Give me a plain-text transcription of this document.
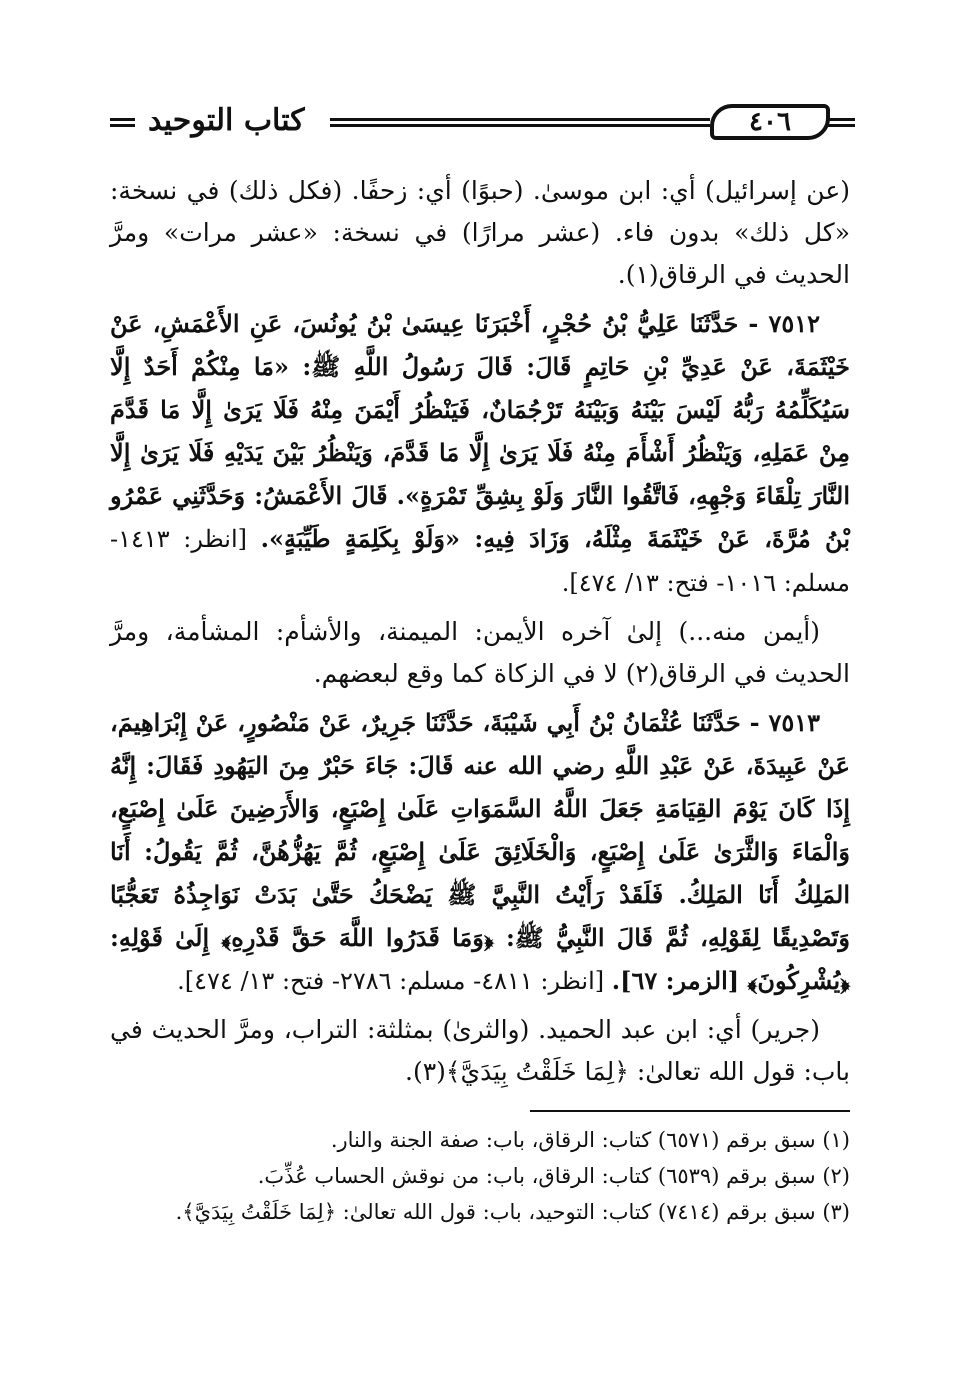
كتاب التوحيد	٤٠٦

(عن إسرائيل) أي: ابن موسىٰ. (حبوًا) أي: زحفًا. (فكل ذلك) في نسخة: «كل ذلك» بدون فاء. (عشر مرارًا) في نسخة: «عشر مرات» ومرَّ الحديث في الرقاق(١).

٧٥١٢ - حَدَّثَنَا عَلِيُّ بْنُ حُجْرٍ، أَخْبَرَنَا عِيسَىٰ بْنُ يُونُسَ، عَنِ الأَعْمَشِ، عَنْ خَيْثَمَةَ، عَنْ عَدِيِّ بْنِ حَاتِمٍ قَالَ: قَالَ رَسُولُ اللَّهِ ﷺ: «مَا مِنْكُمْ أَحَدٌ إِلَّا سَيُكَلِّمُهُ رَبُّهُ لَيْسَ بَيْنَهُ وَبَيْنَهُ تَرْجُمَانٌ، فَيَنْظُرُ أَيْمَنَ مِنْهُ فَلَا يَرَىٰ إِلَّا مَا قَدَّمَ مِنْ عَمَلِهِ، وَيَنْظُرُ أَشْأَمَ مِنْهُ فَلَا يَرَىٰ إِلَّا مَا قَدَّمَ، وَيَنْظُرُ بَيْنَ يَدَيْهِ فَلَا يَرَىٰ إِلَّا النَّارَ تِلْقَاءَ وَجْهِهِ، فَاتَّقُوا النَّارَ وَلَوْ بِشِقِّ تَمْرَةٍ». قَالَ الأَعْمَشُ: وَحَدَّثَنِي عَمْرُو بْنُ مُرَّةَ، عَنْ خَيْثَمَةَ مِثْلَهُ، وَزَادَ فِيهِ: «وَلَوْ بِكَلِمَةٍ طَيِّبَةٍ». [انظر: ١٤١٣- مسلم: ١٠١٦- فتح: ١٣/ ٤٧٤].

(أيمن منه...) إلىٰ آخره الأيمن: الميمنة، والأشأم: المشأمة، ومرَّ الحديث في الرقاق(٢) لا في الزكاة كما وقع لبعضهم.

٧٥١٣ - حَدَّثَنَا عُثْمَانُ بْنُ أَبِي شَيْبَةَ، حَدَّثَنَا جَرِيرٌ، عَنْ مَنْصُورٍ، عَنْ إِبْرَاهِيمَ، عَنْ عَبِيدَةَ، عَنْ عَبْدِ اللَّهِ رضي الله عنه قَالَ: جَاءَ حَبْرٌ مِنَ اليَهُودِ فَقَالَ: إِنَّهُ إِذَا كَانَ يَوْمَ القِيَامَةِ جَعَلَ اللَّهُ السَّمَوَاتِ عَلَىٰ إِصْبَعٍ، وَالأَرَضِينَ عَلَىٰ إِصْبَعٍ، وَالْمَاءَ وَالثَّرَىٰ عَلَىٰ إِصْبَعٍ، وَالْخَلَائِقَ عَلَىٰ إِصْبَعٍ، ثُمَّ يَهُزُّهُنَّ، ثُمَّ يَقُولُ: أَنَا المَلِكُ أَنَا المَلِكُ. فَلَقَدْ رَأَيْتُ النَّبِيَّ ﷺ يَضْحَكُ حَتَّىٰ بَدَتْ نَوَاجِذُهُ تَعَجُّبًا وَتَصْدِيقًا لِقَوْلِهِ، ثُمَّ قَالَ النَّبِيُّ ﷺ: ﴿وَمَا قَدَرُوا اللَّهَ حَقَّ قَدْرِهِ﴾ إِلَىٰ قَوْلِهِ: ﴿يُشْرِكُونَ﴾ [الزمر: ٦٧]. [انظر: ٤٨١١- مسلم: ٢٧٨٦- فتح: ١٣/ ٤٧٤].

(جرير) أي: ابن عبد الحميد. (والثرىٰ) بمثلثة: التراب، ومرَّ الحديث في باب: قول الله تعالىٰ: ﴿لِمَا خَلَقْتُ بِيَدَيَّ﴾(٣).

(١) سبق برقم (٦٥٧١) كتاب: الرقاق، باب: صفة الجنة والنار.

(٢) سبق برقم (٦٥٣٩) كتاب: الرقاق، باب: من نوقش الحساب عُذِّبَ.

(٣) سبق برقم (٧٤١٤) كتاب: التوحيد، باب: قول الله تعالىٰ: ﴿لِمَا خَلَقْتُ بِيَدَيَّ﴾.
